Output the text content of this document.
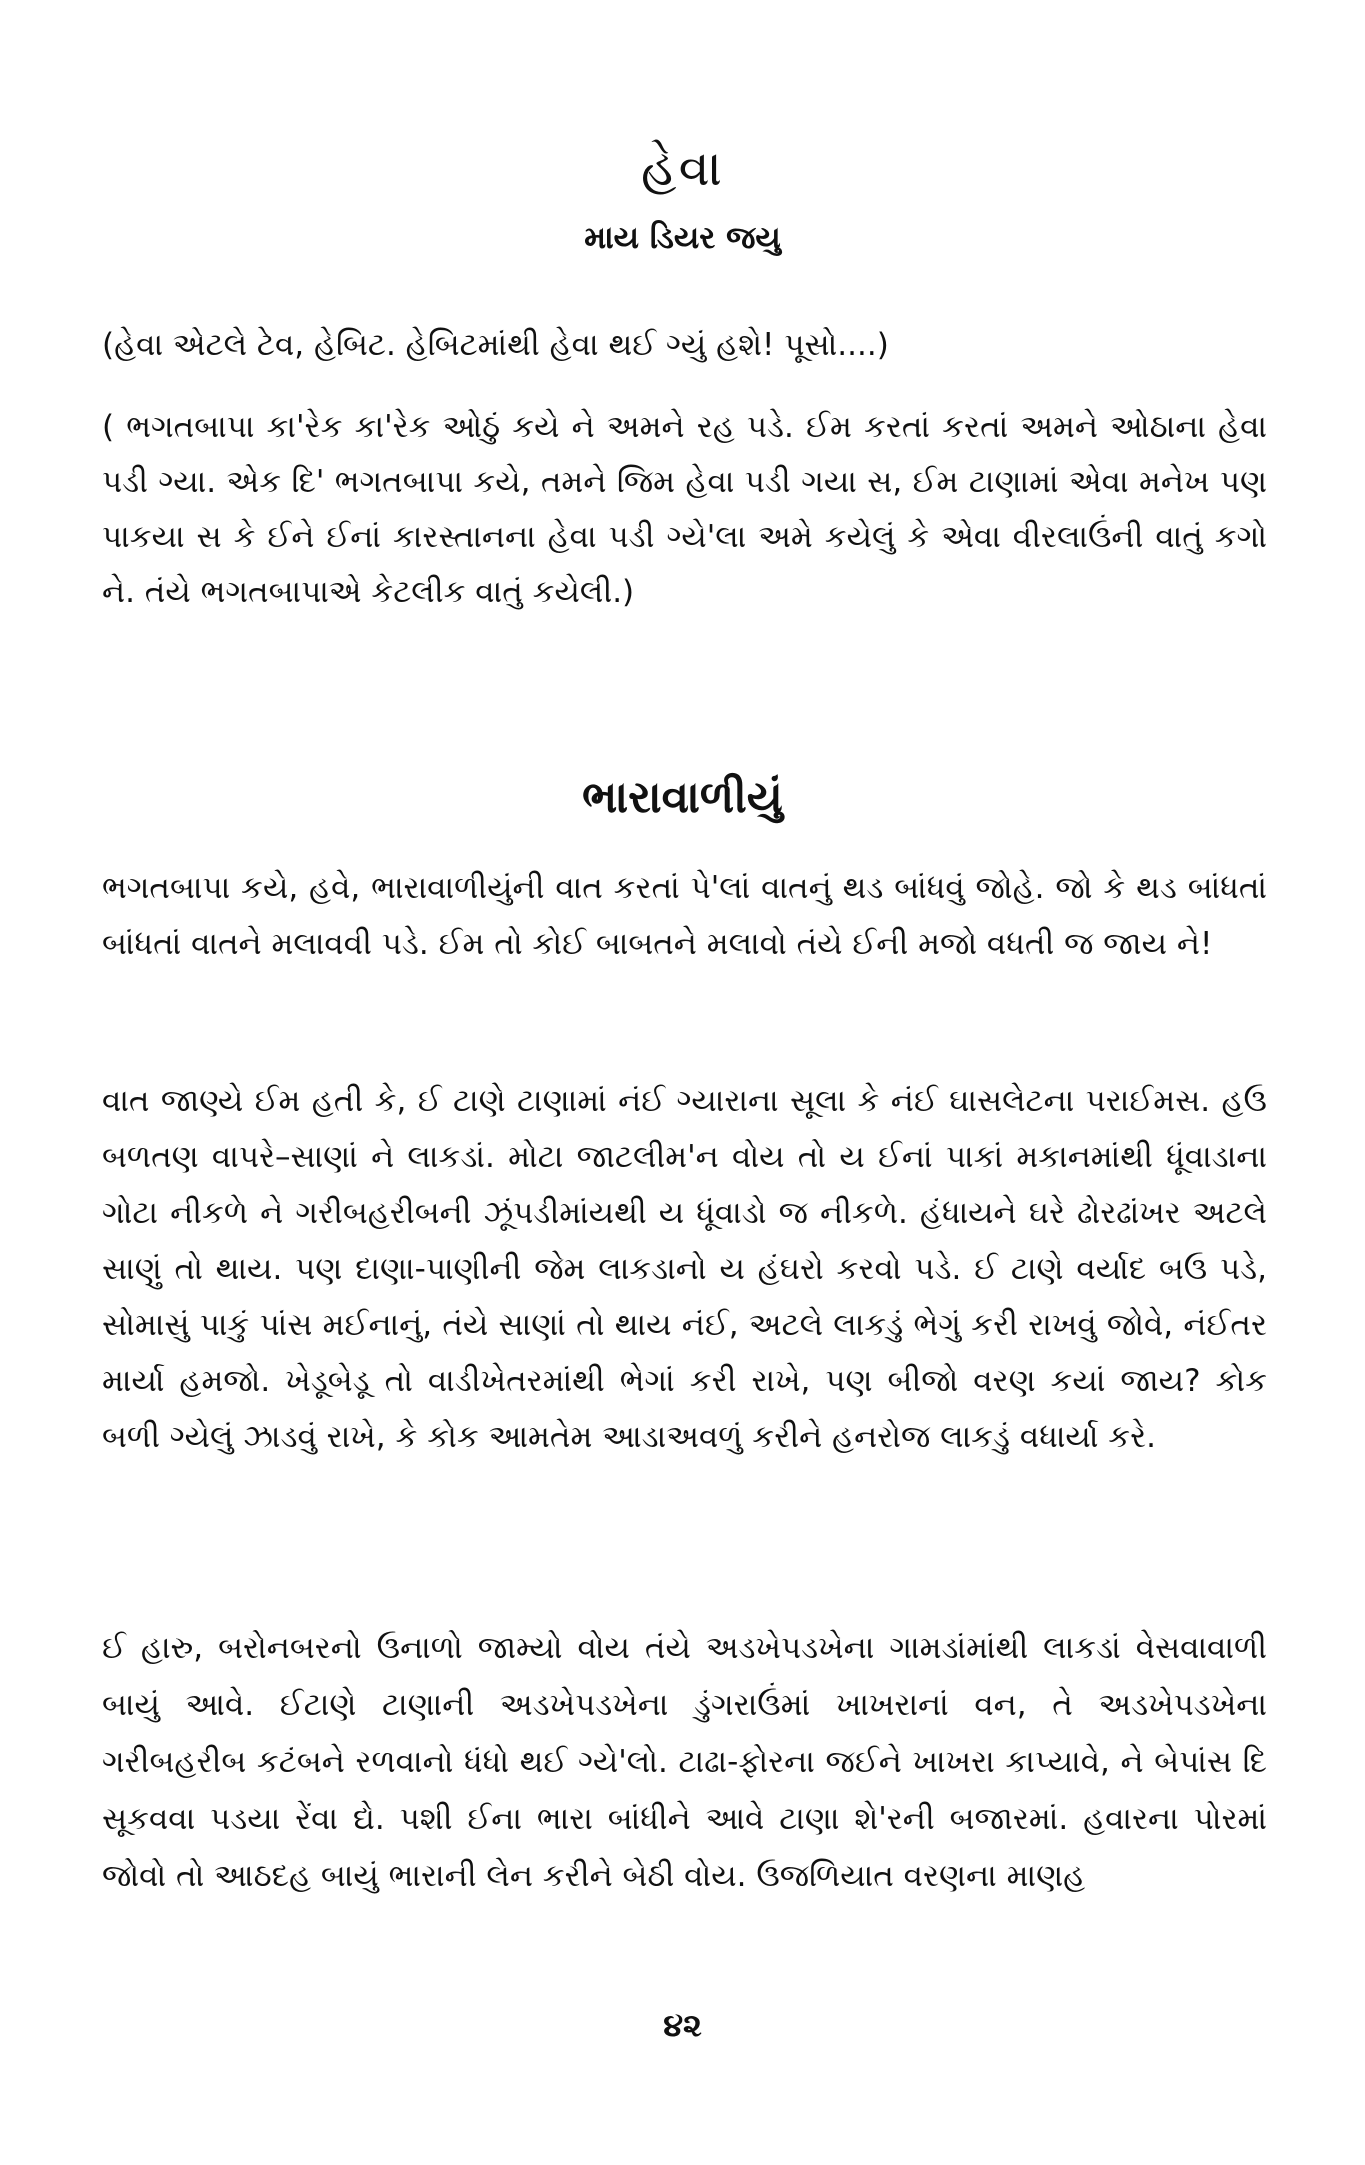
હેવા
માય ડિયર જયુ

(હેવા એટલે ટેવ, હેબિટ. હેબિટમાંથી હેવા થઈ ગ્યું હશે! પૂસો....)

( ભગતબાપા કા'રેક કા'રેક ઓઠું કયે ને અમને રહ પડે. ઈમ કરતાં કરતાં અમને ઓઠાના હેવા પડી ગ્યા. એક દિ' ભગતબાપા કયે, તમને જિમ હેવા પડી ગયા સ, ઈમ ટાણામાં એવા મનેખ પણ પાકયા સ કે ઈને ઈનાં કારસ્તાનના હેવા પડી ગ્યે'લા અમે કયેલું કે એવા વીરલાઉંની વાતું કગો ને. તંયે ભગતબાપાએ કેટલીક વાતું કયેલી.)

ભારાવાળીયું

ભગતબાપા કયે, હવે, ભારાવાળીયુંની વાત કરતાં પે'લાં વાતનું થડ બાંધવું જોહે. જો કે થડ બાંધતાં બાંધતાં વાતને મલાવવી પડે. ઈમ તો કોઈ બાબતને મલાવો તંયે ઈની મજો વધતી જ જાય ને!

વાત જાણ્યે ઈમ હતી કે, ઈ ટાણે ટાણામાં નંઈ ગ્યારાના સૂલા કે નંઈ ઘાસલેટના પરાઈમસ. હઉ બળતણ વાપરે–સાણાં ને લાકડાં. મોટા જાટલીમ'ન વોય તો ય ઈનાં પાકાં મકાનમાંથી ધૂંવાડાના ગોટા નીકળે ને ગરીબહરીબની ઝૂંપડીમાંયથી ય ધૂંવાડો જ નીકળે. હંધાયને ઘરે ઢોરઢાંખર અટલે સાણું તો થાય. પણ દાણા-પાણીની જેમ લાકડાનો ય હંઘરો કરવો પડે. ઈ ટાણે વર્યાદ બઉ પડે, સોમાસું પાકું પાંસ મઈનાનું, તંયે સાણાં તો થાય નંઈ, અટલે લાકડું ભેગું કરી રાખવું જોવે, નંઈતર માર્યા હમજો. ખેડૂબેડૂ તો વાડીખેતરમાંથી ભેગાં કરી રાખે, પણ બીજો વરણ કયાં જાય? કોક બળી ગ્યેલું ઝાડવું રાખે, કે કોક આમતેમ આડાઅવળું કરીને હનરોજ લાકડું વધાર્યા કરે.

ઈ હારુ, બરોનબરનો ઉનાળો જામ્યો વોય તંયે અડખેપડખેના ગામડાંમાંથી લાકડાં વેસવાવાળી બાયું આવે. ઈટાણે ટાણાની અડખેપડખેના ડુંગરાઉંમાં ખાખરાનાં વન, તે અડખેપડખેના ગરીબહરીબ કટંબને રળવાનો ધંધો થઈ ગ્યે'લો. ટાઢા-ફોરના જઈને ખાખરા કાપ્યાવે, ને બેપાંસ દિ સૂકવવા પડયા રેંવા દ્યે. પશી ઈના ભારા બાંધીને આવે ટાણા શે'રની બજારમાં. હવારના પોરમાં જોવો તો આઠદહ બાયું ભારાની લેન કરીને બેઠી વોય. ઉજળિયાત વરણના માણહ

૪૨
